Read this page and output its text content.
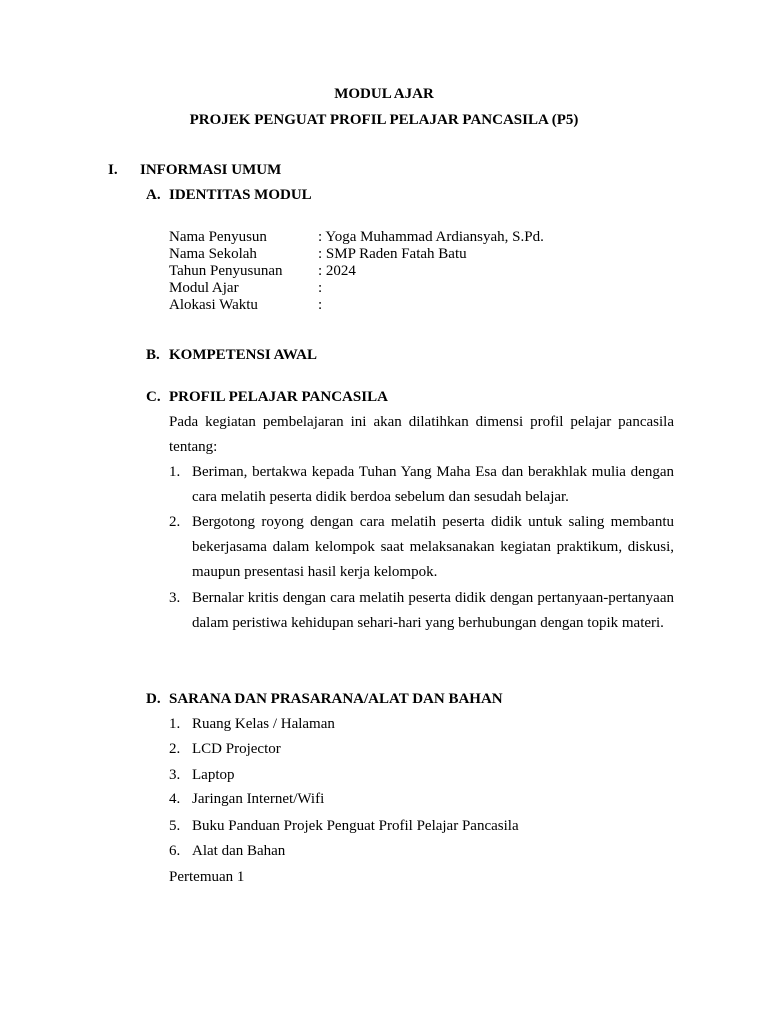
MODUL AJAR
PROJEK PENGUAT PROFIL PELAJAR PANCASILA (P5)
I. INFORMASI UMUM
A. IDENTITAS MODUL
Nama Penyusun	: Yoga Muhammad Ardiansyah, S.Pd.
Nama Sekolah	: SMP Raden Fatah Batu
Tahun Penyusunan : 2024
Modul Ajar	:
Alokasi Waktu	:
B. KOMPETENSI AWAL
C. PROFIL PELAJAR PANCASILA
Pada kegiatan pembelajaran ini akan dilatihkan dimensi profil pelajar pancasila tentang:
1. Beriman, bertakwa kepada Tuhan Yang Maha Esa dan berakhlak mulia dengan cara melatih peserta didik berdoa sebelum dan sesudah belajar.
2. Bergotong royong dengan cara melatih peserta didik untuk saling membantu bekerjasama dalam kelompok saat melaksanakan kegiatan praktikum, diskusi, maupun presentasi hasil kerja kelompok.
3. Bernalar kritis dengan cara melatih peserta didik dengan pertanyaan-pertanyaan dalam peristiwa kehidupan sehari-hari yang berhubungan dengan topik materi.
D. SARANA DAN PRASARANA/ALAT DAN BAHAN
1. Ruang Kelas / Halaman
2. LCD Projector
3. Laptop
4. Jaringan Internet/Wifi
5. Buku Panduan Projek Penguat Profil Pelajar Pancasila
6. Alat dan Bahan
Pertemuan 1
